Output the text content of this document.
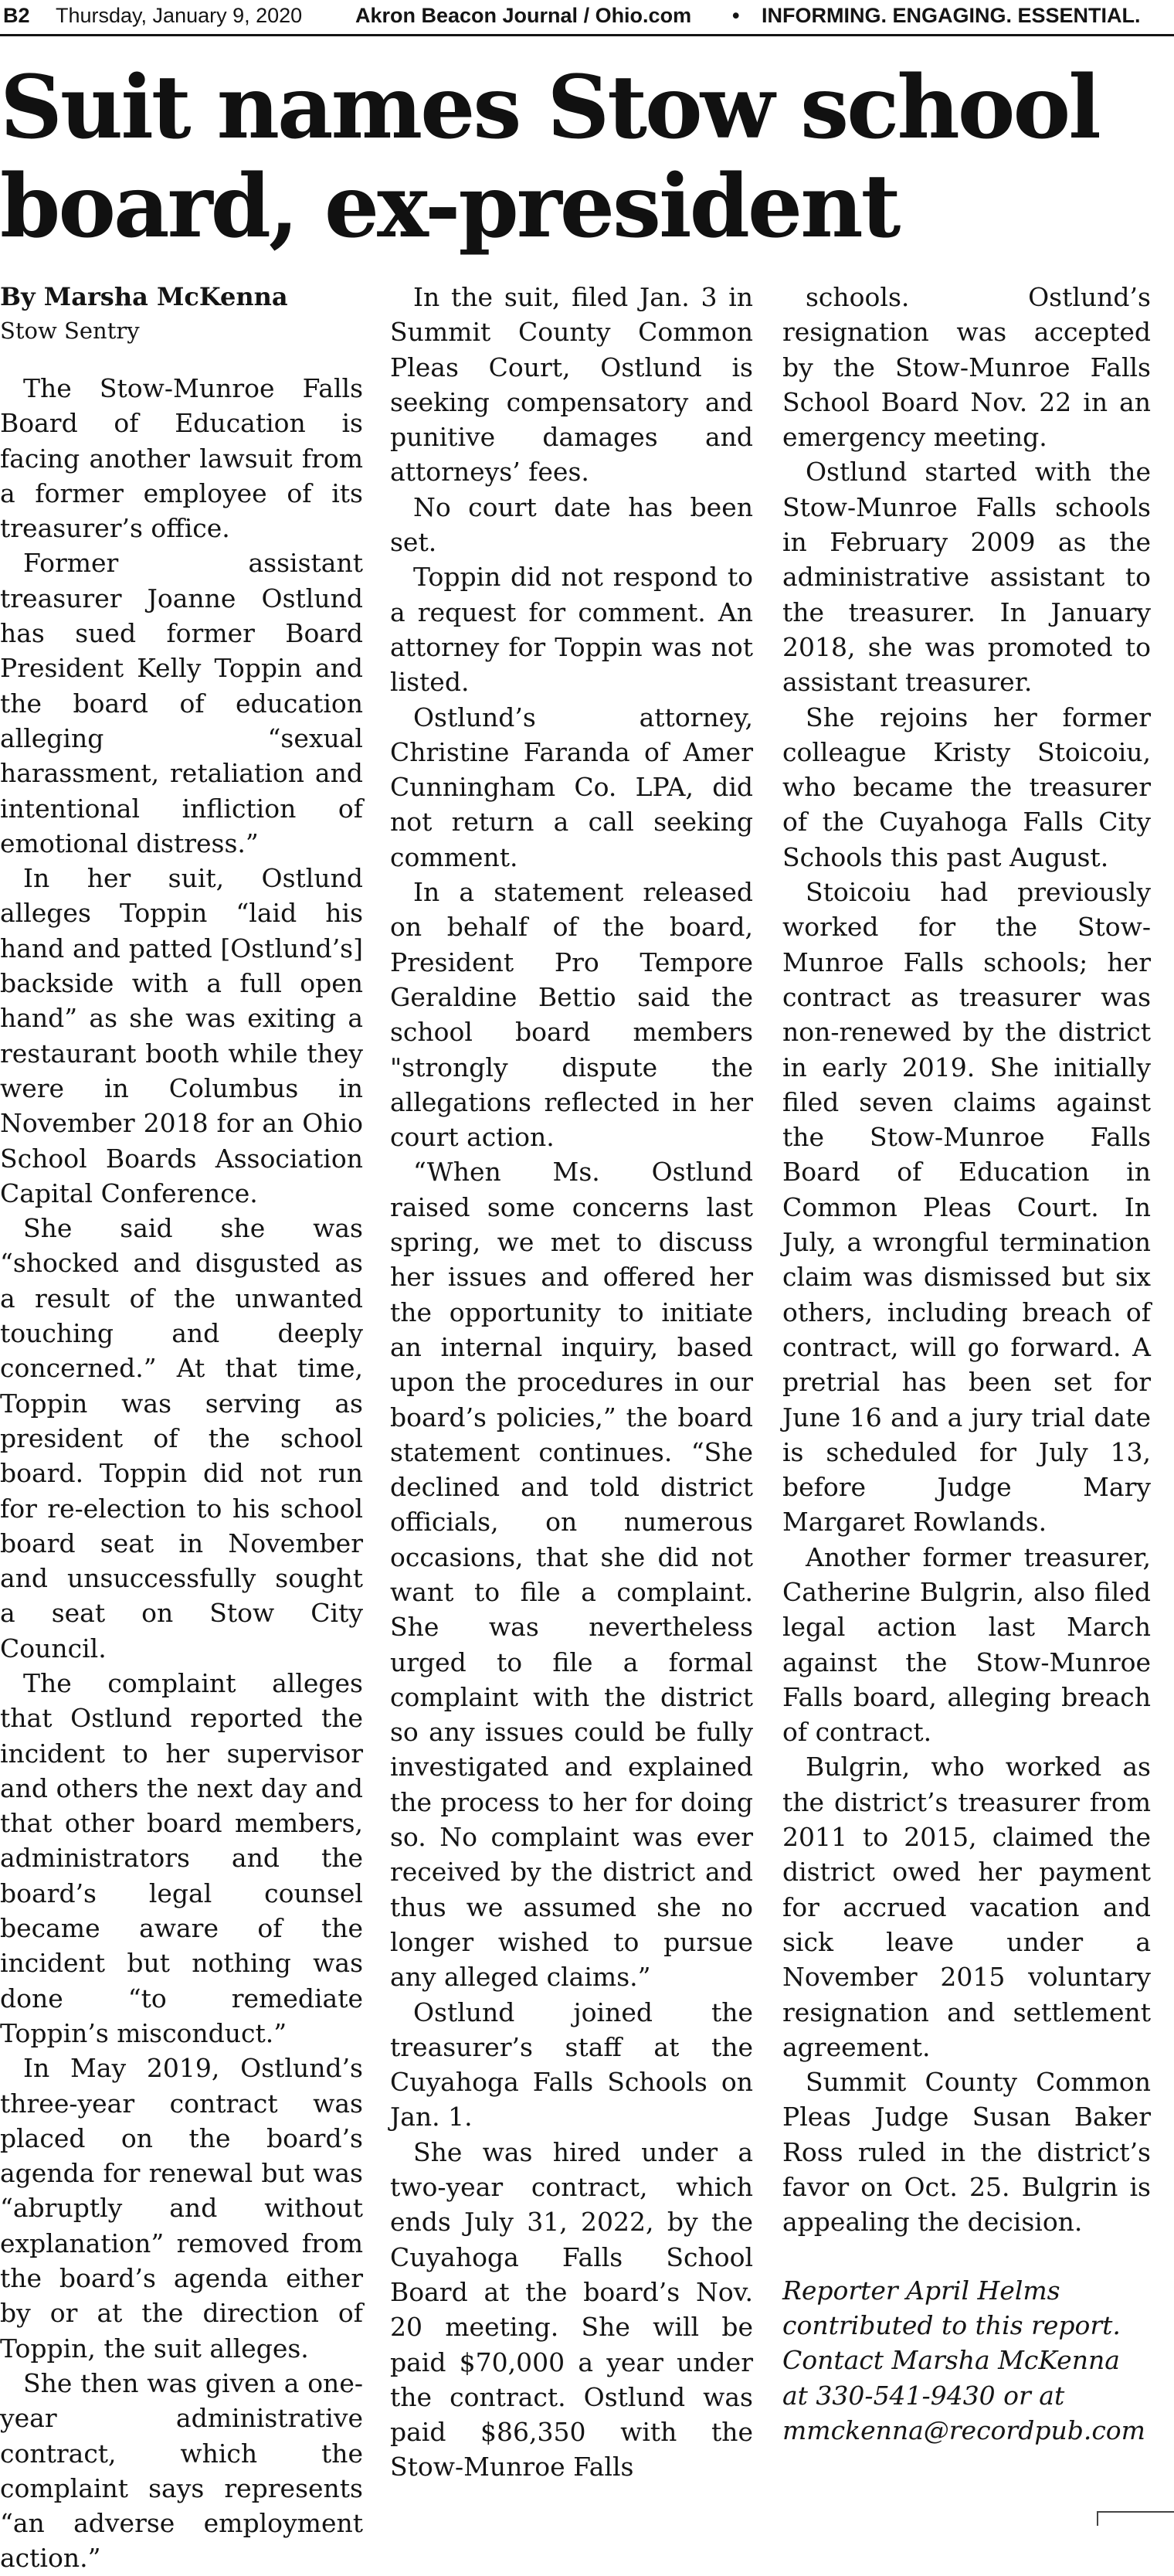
B2 Thursday, January 9, 2020	Akron Beacon Journal / Ohio.com • INFORMING. ENGAGING. ESSENTIAL.
Suit names Stow school
board, ex-president
By Marsha McKenna
Stow Sentry

The Stow-Munroe Falls Board of Education is facing another lawsuit from a former employee of its treasurer’s office.

Former assistant treasurer Joanne Ostlund has sued former Board President Kelly Toppin and the board of education alleging “sexual harassment, retaliation and intentional infliction of emotional distress.”

In her suit, Ostlund alleges Toppin “laid his hand and patted [Ostlund’s] backside with a full open hand” as she was exiting a restaurant booth while they were in Columbus in November 2018 for an Ohio School Boards Association Capital Conference.

She said she was “shocked and disgusted as a result of the unwanted touching and deeply concerned.” At that time, Toppin was serving as president of the school board. Toppin did not run for re-election to his school board seat in November and unsuccessfully sought a seat on Stow City Council.

The complaint alleges that Ostlund reported the incident to her supervisor and others the next day and that other board members, administrators and the board’s legal counsel became aware of the incident but nothing was done “to remediate Toppin’s misconduct.”

In May 2019, Ostlund’s three-year contract was placed on the board’s agenda for renewal but was “abruptly and without explanation” removed from the board’s agenda either by or at the direction of Toppin, the suit alleges.

She then was given a one-year administrative contract, which the complaint says represents “an adverse employment action.”

In the suit, filed Jan. 3 in Summit County Common Pleas Court, Ostlund is seeking compensatory and punitive damages and attorneys’ fees.

No court date has been set.

Toppin did not respond to a request for comment. An attorney for Toppin was not listed.

Ostlund’s attorney, Christine Faranda of Amer Cunningham Co. LPA, did not return a call seeking comment.

In a statement released on behalf of the board, President Pro Tempore Geraldine Bettio said the school board members "strongly dispute the allegations reflected in her court action.

“When Ms. Ostlund raised some concerns last spring, we met to discuss her issues and offered her the opportunity to initiate an internal inquiry, based upon the procedures in our board’s policies,” the board statement continues. “She declined and told district officials, on numerous occasions, that she did not want to file a complaint. She was nevertheless urged to file a formal complaint with the district so any issues could be fully investigated and explained the process to her for doing so. No complaint was ever received by the district and thus we assumed she no longer wished to pursue any alleged claims.”

Ostlund joined the treasurer’s staff at the Cuyahoga Falls Schools on Jan. 1.

She was hired under a two-year contract, which ends July 31, 2022, by the Cuyahoga Falls School Board at the board’s Nov. 20 meeting. She will be paid $70,000 a year under the contract. Ostlund was paid $86,350 with the Stow-Munroe Falls

schools. Ostlund’s resignation was accepted by the Stow-Munroe Falls School Board Nov. 22 in an emergency meeting.

Ostlund started with the Stow-Munroe Falls schools in February 2009 as the administrative assistant to the treasurer. In January 2018, she was promoted to assistant treasurer.

She rejoins her former colleague Kristy Stoicoiu, who became the treasurer of the Cuyahoga Falls City Schools this past August.

Stoicoiu had previously worked for the Stow-Munroe Falls schools; her contract as treasurer was non-renewed by the district in early 2019. She initially filed seven claims against the Stow-Munroe Falls Board of Education in Common Pleas Court. In July, a wrongful termination claim was dismissed but six others, including breach of contract, will go forward. A pretrial has been set for June 16 and a jury trial date is scheduled for July 13, before Judge Mary Margaret Rowlands.

Another former treasurer, Catherine Bulgrin, also filed legal action last March against the Stow-Munroe Falls board, alleging breach of contract.

Bulgrin, who worked as the district’s treasurer from 2011 to 2015, claimed the district owed her payment for accrued vacation and sick leave under a November 2015 voluntary resignation and settlement agreement.

Summit County Common Pleas Judge Susan Baker Ross ruled in the district’s favor on Oct. 25. Bulgrin is appealing the decision.

Reporter April Helms contributed to this report. Contact Marsha McKenna at 330-541-9430 or at mmckenna@recordpub.com
